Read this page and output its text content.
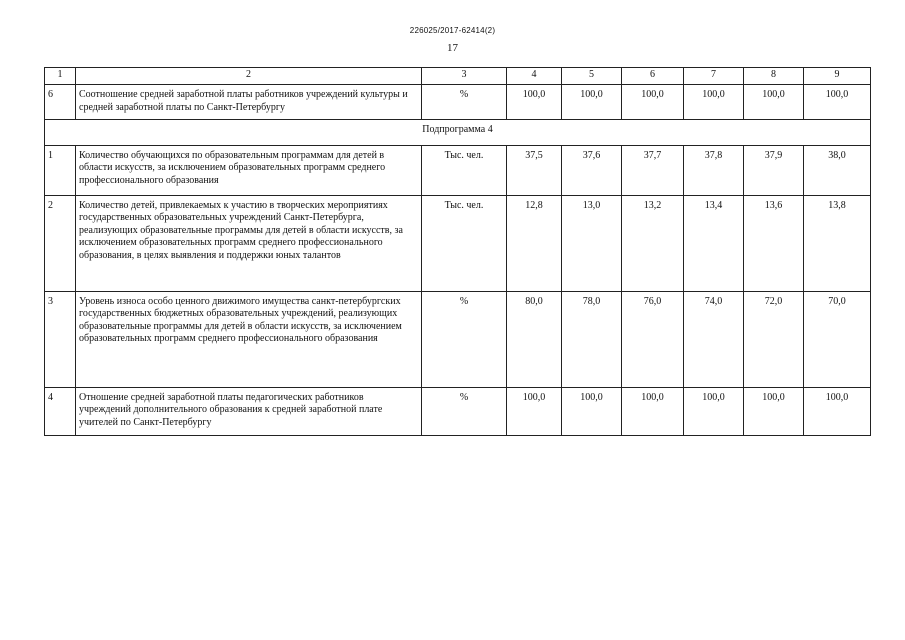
226025/2017-62414(2)
17
1	2	3	4	5	6	7	8	9
6	Соотношение средней заработной платы работников учреждений культуры и средней заработной платы по Санкт-Петербургу	%	100,0	100,0	100,0	100,0	100,0	100,0
Подпрограмма 4								
1	Количество обучающихся по образовательным программам для детей в области искусств, за исключением образовательных программ среднего профессионального образования	Тыс. чел.	37,5	37,6	37,7	37,8	37,9	38,0
2	Количество детей, привлекаемых к участию в творческих мероприятиях государственных образовательных учреждений Санкт-Петербурга, реализующих образовательные программы для детей в области искусств, за исключением образовательных программ среднего профессионального образования, в целях выявления и поддержки юных талантов	Тыс. чел.	12,8	13,0	13,2	13,4	13,6	13,8
3	Уровень износа особо ценного движимого имущества санкт-петербургских государственных бюджетных образовательных учреждений, реализующих образовательные программы для детей в области искусств, за исключением образовательных программ среднего профессионального образования	%	80,0	78,0	76,0	74,0	72,0	70,0
4	Отношение средней заработной платы педагогических работников учреждений дополнительного образования к средней заработной плате учителей по Санкт-Петербургу	%	100,0	100,0	100,0	100,0	100,0	100,0
